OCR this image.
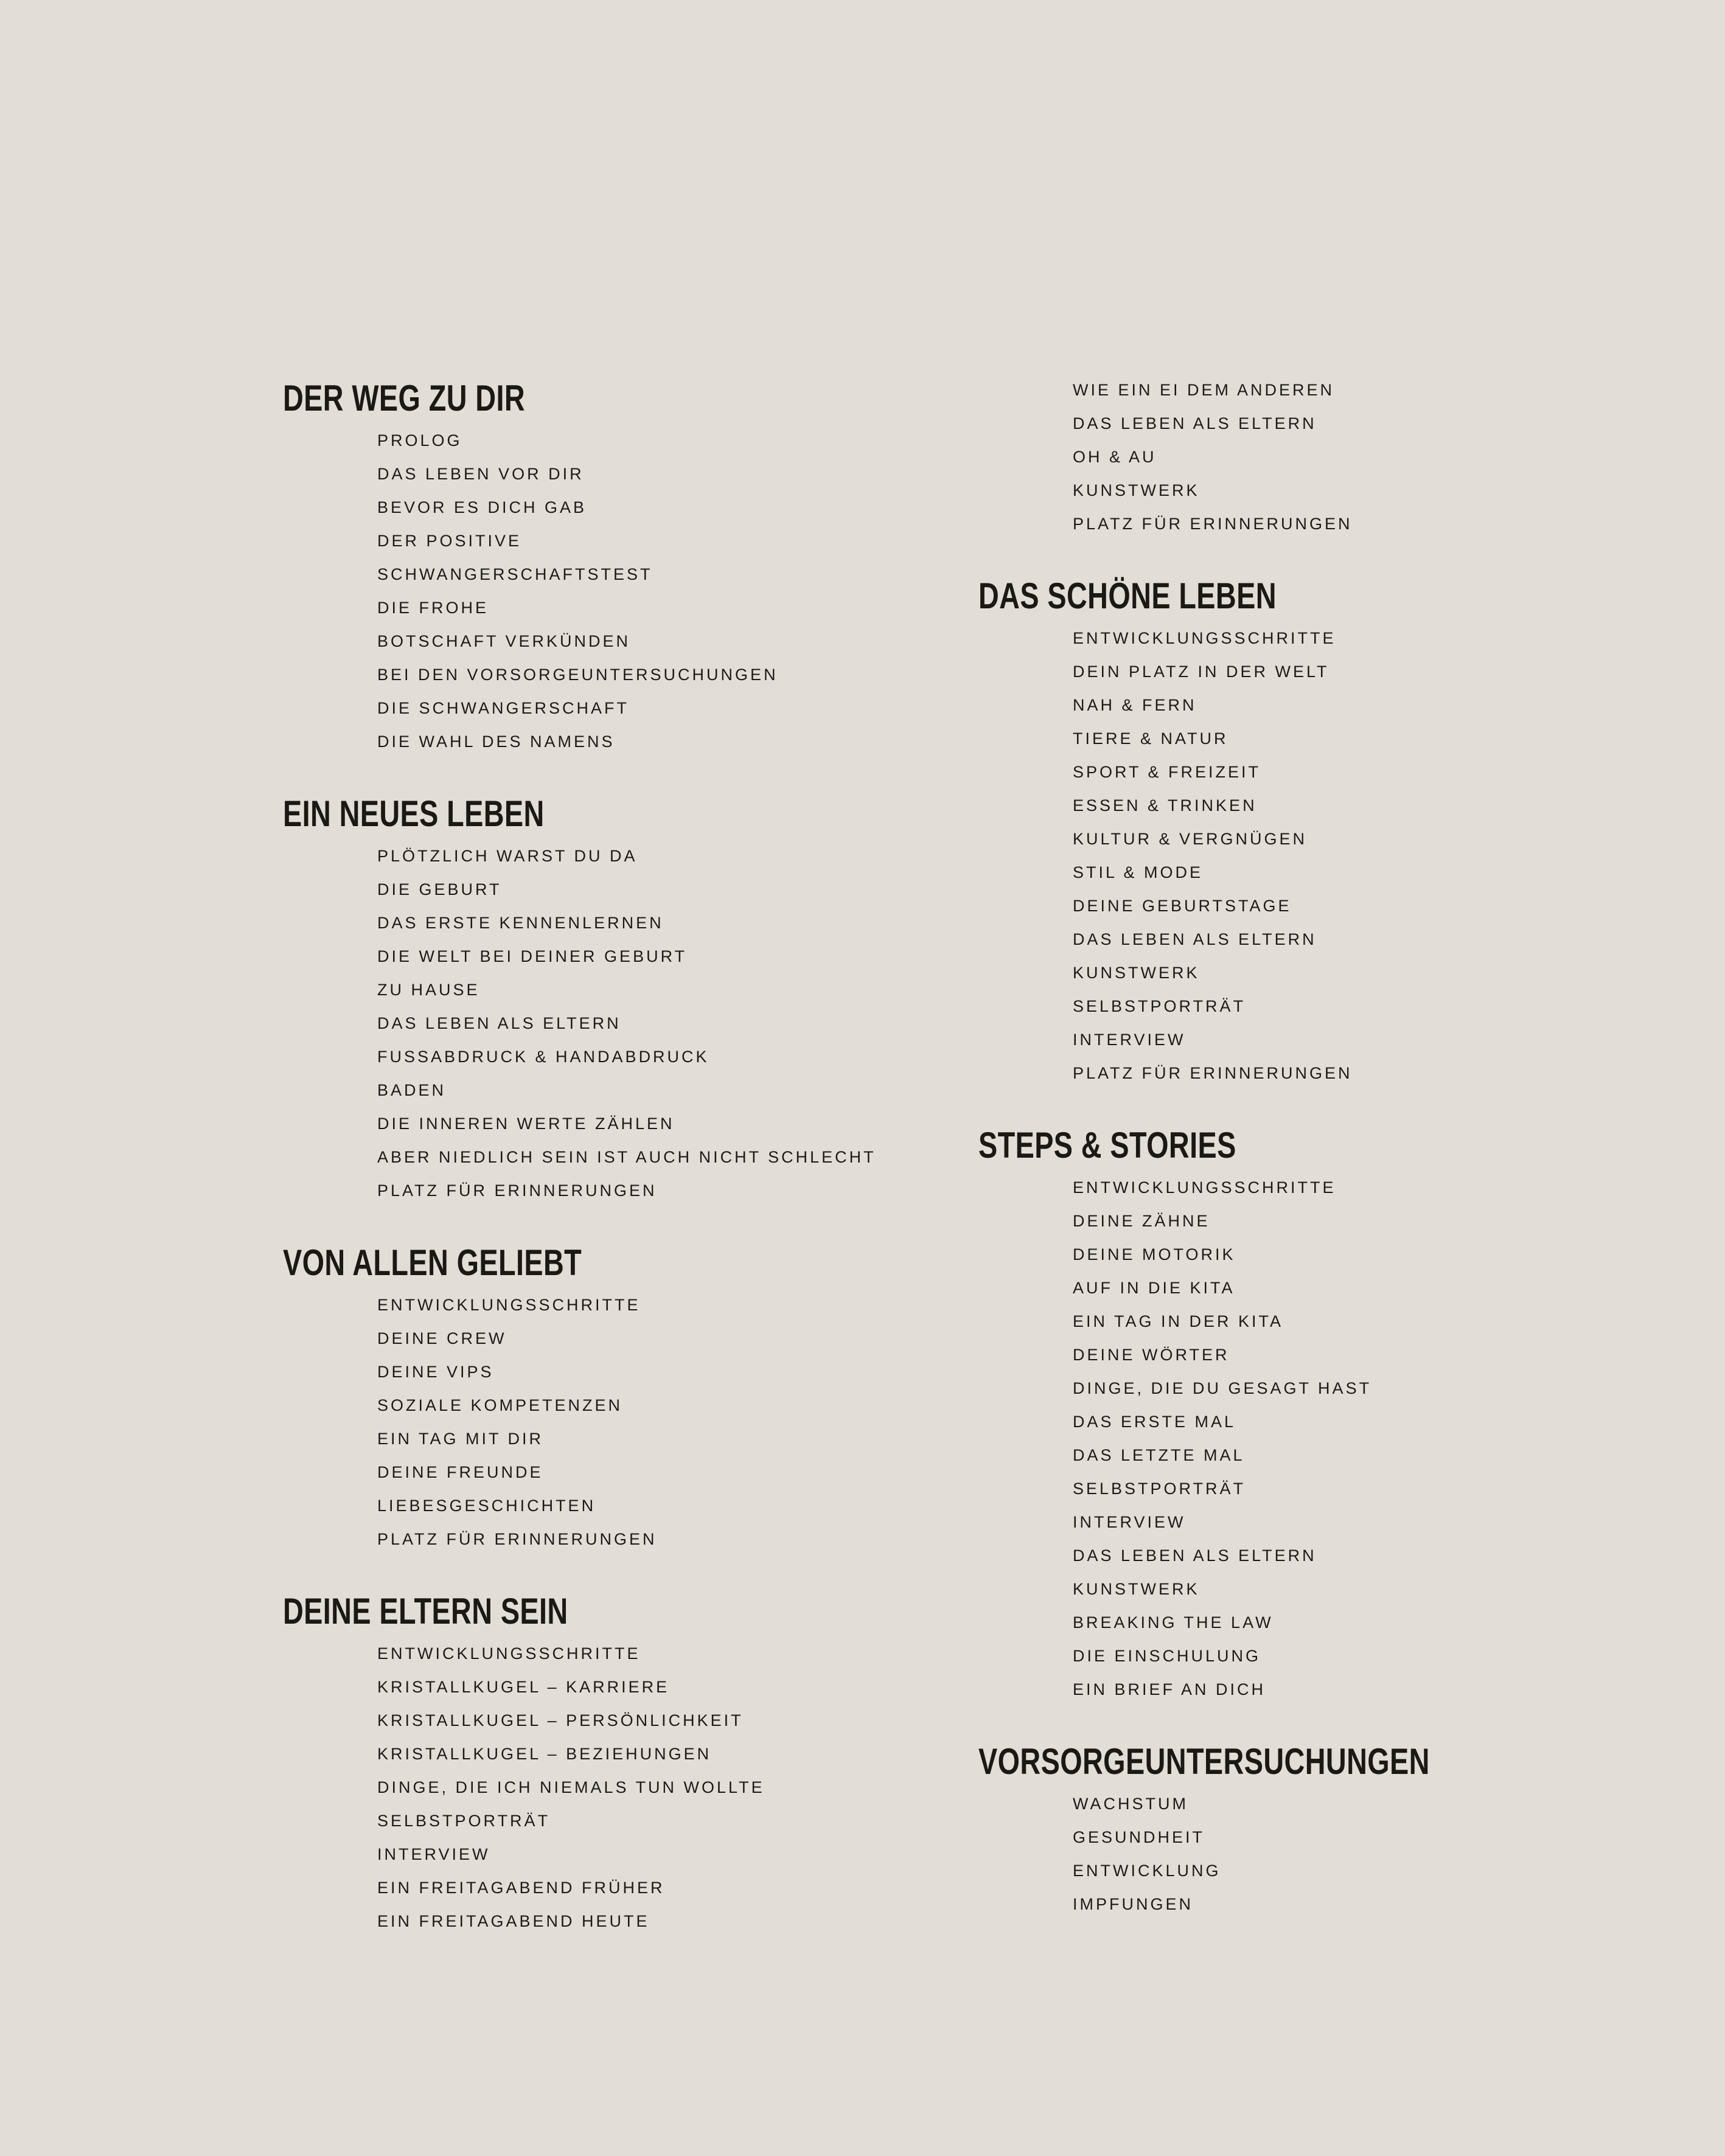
DER WEG ZU DIR
PROLOG
DAS LEBEN VOR DIR
BEVOR ES DICH GAB
DER POSITIVE
SCHWANGERSCHAFTSTEST
DIE FROHE
BOTSCHAFT VERKÜNDEN
BEI DEN VORSORGEUNTERSUCHUNGEN
DIE SCHWANGERSCHAFT
DIE WAHL DES NAMENS
EIN NEUES LEBEN
PLÖTZLICH WARST DU DA
DIE GEBURT
DAS ERSTE KENNENLERNEN
DIE WELT BEI DEINER GEBURT
ZU HAUSE
DAS LEBEN ALS ELTERN
FUSSABDRUCK & HANDABDRUCK
BADEN
DIE INNEREN WERTE ZÄHLEN
ABER NIEDLICH SEIN IST AUCH NICHT SCHLECHT
PLATZ FÜR ERINNERUNGEN
VON ALLEN GELIEBT
ENTWICKLUNGSSCHRITTE
DEINE CREW
DEINE VIPS
SOZIALE KOMPETENZEN
EIN TAG MIT DIR
DEINE FREUNDE
LIEBESGESCHICHTEN
PLATZ FÜR ERINNERUNGEN
DEINE ELTERN SEIN
ENTWICKLUNGSSCHRITTE
KRISTALLKUGEL – KARRIERE
KRISTALLKUGEL – PERSÖNLICHKEIT
KRISTALLKUGEL – BEZIEHUNGEN
DINGE, DIE ICH NIEMALS TUN WOLLTE
SELBSTPORTRÄT
INTERVIEW
EIN FREITAGABEND FRÜHER
EIN FREITAGABEND HEUTE
WIE EIN EI DEM ANDEREN
DAS LEBEN ALS ELTERN
OH & AU
KUNSTWERK
PLATZ FÜR ERINNERUNGEN
DAS SCHÖNE LEBEN
ENTWICKLUNGSSCHRITTE
DEIN PLATZ IN DER WELT
NAH & FERN
TIERE & NATUR
SPORT & FREIZEIT
ESSEN & TRINKEN
KULTUR & VERGNÜGEN
STIL & MODE
DEINE GEBURTSTAGE
DAS LEBEN ALS ELTERN
KUNSTWERK
SELBSTPORTRÄT
INTERVIEW
PLATZ FÜR ERINNERUNGEN
STEPS & STORIES
ENTWICKLUNGSSCHRITTE
DEINE ZÄHNE
DEINE MOTORIK
AUF IN DIE KITA
EIN TAG IN DER KITA
DEINE WÖRTER
DINGE, DIE DU GESAGT HAST
DAS ERSTE MAL
DAS LETZTE MAL
SELBSTPORTRÄT
INTERVIEW
DAS LEBEN ALS ELTERN
KUNSTWERK
BREAKING THE LAW
DIE EINSCHULUNG
EIN BRIEF AN DICH
VORSORGEUNTERSUCHUNGEN
WACHSTUM
GESUNDHEIT
ENTWICKLUNG
IMPFUNGEN
